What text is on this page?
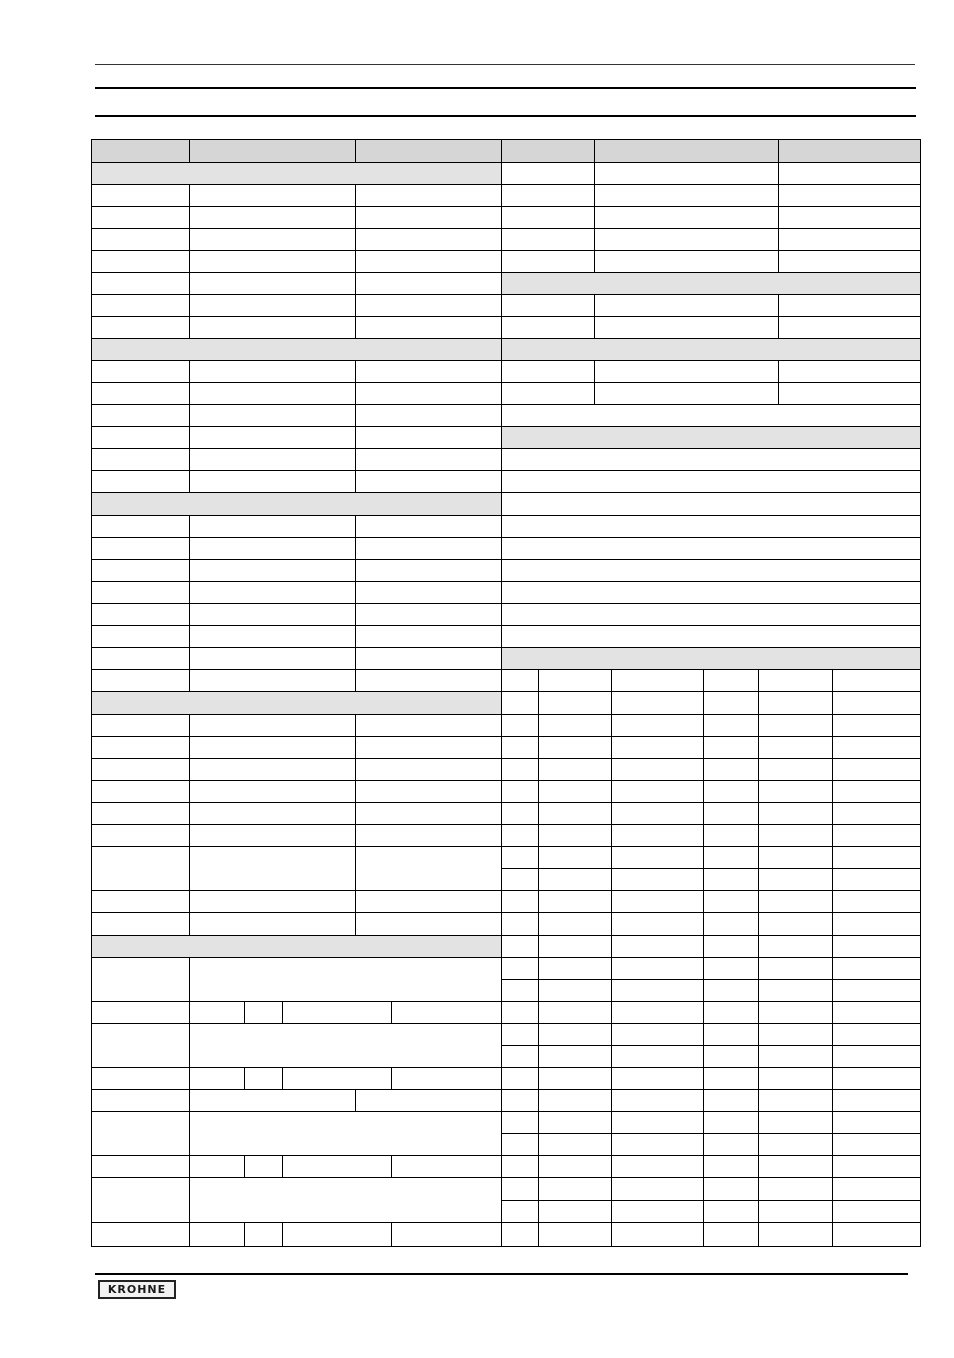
KROHNE
